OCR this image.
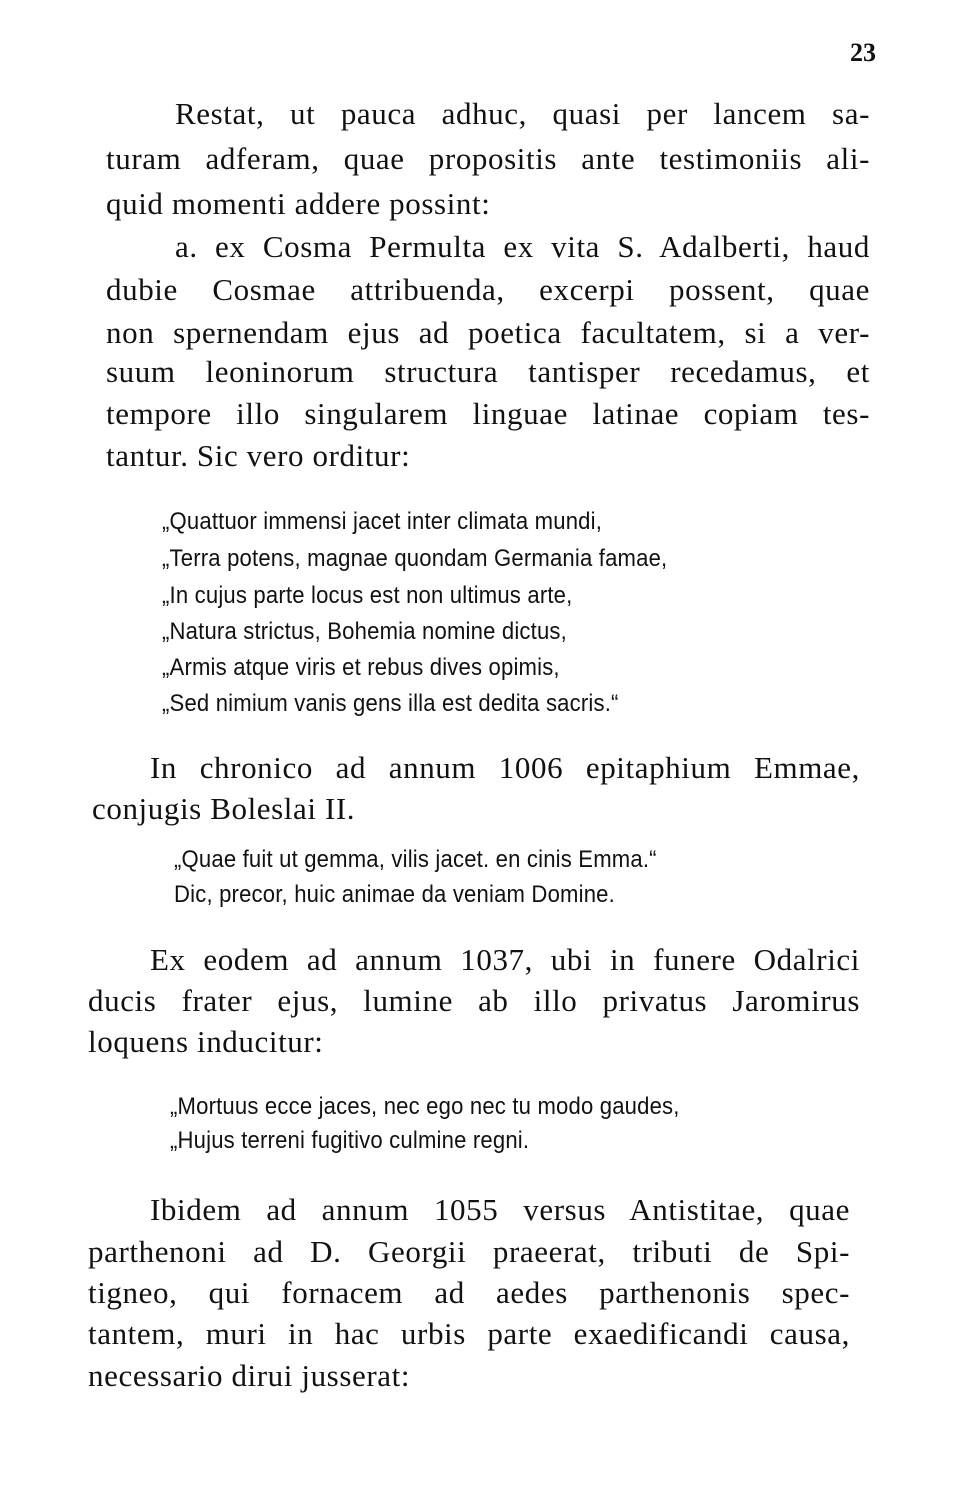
23
Restat, ut pauca adhuc, quasi per lancem sa-
turam adferam, quae propositis ante testimoniis ali-
quid momenti addere possint:
a. ex Cosma Permulta ex vita S. Adalberti, haud
dubie Cosmae attribuenda, excerpi possent, quae
non spernendam ejus ad poetica facultatem, si a ver-
suum leoninorum structura tantisper recedamus, et
tempore illo singularem linguae latinae copiam tes-
tantur. Sic vero orditur:
„Quattuor immensi jacet inter climata mundi,
„Terra potens, magnae quondam Germania famae,
„In cujus parte locus est non ultimus arte,
„Natura strictus, Bohemia nomine dictus,
„Armis atque viris et rebus dives opimis,
„Sed nimium vanis gens illa est dedita sacris.“
In chronico ad annum 1006 epitaphium Emmae,
conjugis Boleslai II.
„Quae fuit ut gemma, vilis jacet. en cinis Emma.“
Dic, precor, huic animae da veniam Domine.
Ex eodem ad annum 1037, ubi in funere Odalrici
ducis frater ejus, lumine ab illo privatus Jaromirus
loquens inducitur:
„Mortuus ecce jaces, nec ego nec tu modo gaudes,
„Hujus terreni fugitivo culmine regni.
Ibidem ad annum 1055 versus Antistitae, quae
parthenoni ad D. Georgii praeerat, tributi de Spi-
tigneo, qui fornacem ad aedes parthenonis spec-
tantem, muri in hac urbis parte exaedificandi causa,
necessario dirui jusserat:
